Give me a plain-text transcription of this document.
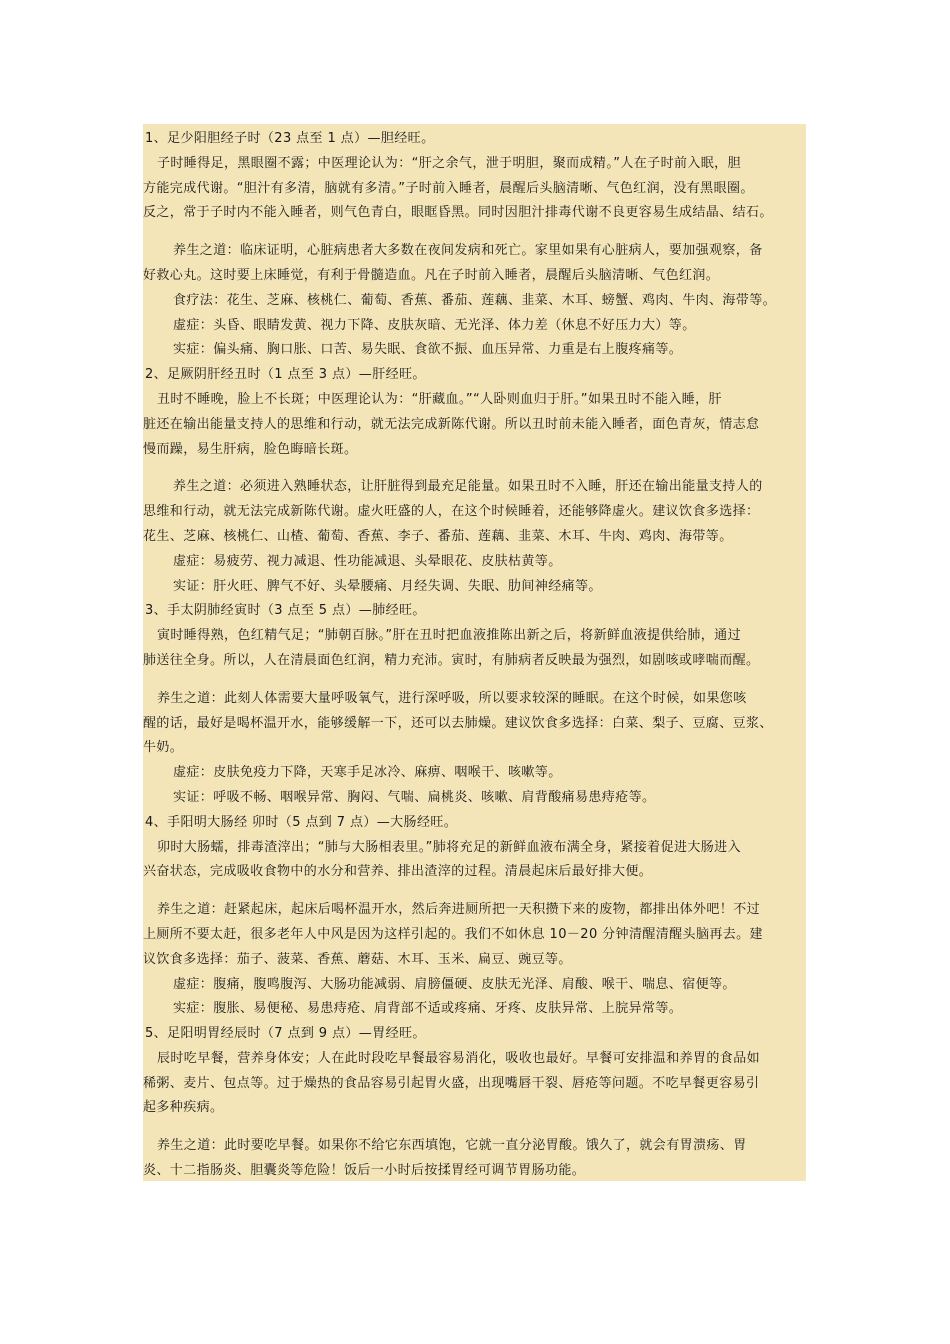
1、足少阳胆经子时（23 点至 1 点）—胆经旺。
子时睡得足，黑眼圈不露；中医理论认为：“肝之余气，泄于明胆，聚而成精。”人在子时前入眠，胆
方能完成代谢。“胆汁有多清，脑就有多清。”子时前入睡者，晨醒后头脑清晰、气色红润，没有黑眼圈。
反之，常于子时内不能入睡者，则气色青白，眼眶昏黑。同时因胆汁排毒代谢不良更容易生成结晶、结石。
养生之道：临床证明，心脏病患者大多数在夜间发病和死亡。家里如果有心脏病人，要加强观察，备
好救心丸。这时要上床睡觉，有利于骨髓造血。凡在子时前入睡者，晨醒后头脑清晰、气色红润。
食疗法：花生、芝麻、核桃仁、葡萄、香蕉、番茄、莲藕、韭菜、木耳、螃蟹、鸡肉、牛肉、海带等。
虚症：头昏、眼睛发黄、视力下降、皮肤灰暗、无光泽、体力差（休息不好压力大）等。
实症：偏头痛、胸口胀、口苦、易失眠、食欲不振、血压异常、力重是右上腹疼痛等。
2、足厥阴肝经丑时（1 点至 3 点）—肝经旺。
丑时不睡晚，脸上不长斑；中医理论认为：“肝藏血。”“人卧则血归于肝。”如果丑时不能入睡，肝
脏还在输出能量支持人的思维和行动，就无法完成新陈代谢。所以丑时前未能入睡者，面色青灰，情志怠
慢而躁，易生肝病，脸色晦暗长斑。
养生之道：必须进入熟睡状态，让肝脏得到最充足能量。如果丑时不入睡，肝还在输出能量支持人的
思维和行动，就无法完成新陈代谢。虚火旺盛的人，在这个时候睡着，还能够降虚火。建议饮食多选择：
花生、芝麻、核桃仁、山楂、葡萄、香蕉、李子、番茄、莲藕、韭菜、木耳、牛肉、鸡肉、海带等。
虚症：易疲劳、视力减退、性功能减退、头晕眼花、皮肤枯黄等。
实证：肝火旺、脾气不好、头晕腰痛、月经失调、失眠、肋间神经痛等。
3、手太阴肺经寅时（3 点至 5 点）—肺经旺。
寅时睡得熟，色红精气足；“肺朝百脉。”肝在丑时把血液推陈出新之后，将新鲜血液提供给肺，通过
肺送往全身。所以，人在清晨面色红润，精力充沛。寅时，有肺病者反映最为强烈，如剧咳或哮喘而醒。
养生之道：此刻人体需要大量呼吸氧气，进行深呼吸，所以要求较深的睡眠。在这个时候，如果您咳
醒的话，最好是喝杯温开水，能够缓解一下，还可以去肺燥。建议饮食多选择：白菜、梨子、豆腐、豆浆、
牛奶。
虚症：皮肤免疫力下降，天寒手足冰冷、麻痹、咽喉干、咳嗽等。
实证：呼吸不畅、咽喉异常、胸闷、气喘、扁桃炎、咳嗽、肩背酸痛易患痔疮等。
4、手阳明大肠经 卯时（5 点到 7 点）—大肠经旺。
卯时大肠蠕，排毒渣滓出；“肺与大肠相表里。”肺将充足的新鲜血液布满全身，紧接着促进大肠进入
兴奋状态，完成吸收食物中的水分和营养、排出渣滓的过程。清晨起床后最好排大便。
养生之道：赶紧起床，起床后喝杯温开水，然后奔进厕所把一天积攒下来的废物，都排出体外吧！不过
上厕所不要太赶，很多老年人中风是因为这样引起的。我们不如休息 10－20 分钟清醒清醒头脑再去。建
议饮食多选择：茄子、菠菜、香蕉、蘑菇、木耳、玉米、扁豆、豌豆等。
虚症：腹痛，腹鸣腹泻、大肠功能减弱、肩膀僵硬、皮肤无光泽、肩酸、喉干、喘息、宿便等。
实症：腹胀、易便秘、易患痔疮、肩背部不适或疼痛、牙疼、皮肤异常、上脘异常等。
5、足阳明胃经辰时（7 点到 9 点）—胃经旺。
辰时吃早餐，营养身体安；人在此时段吃早餐最容易消化，吸收也最好。早餐可安排温和养胃的食品如
稀粥、麦片、包点等。过于燥热的食品容易引起胃火盛，出现嘴唇干裂、唇疮等问题。不吃早餐更容易引
起多种疾病。
养生之道：此时要吃早餐。如果你不给它东西填饱，它就一直分泌胃酸。饿久了，就会有胃溃疡、胃
炎、十二指肠炎、胆囊炎等危险！饭后一小时后按揉胃经可调节胃肠功能。
